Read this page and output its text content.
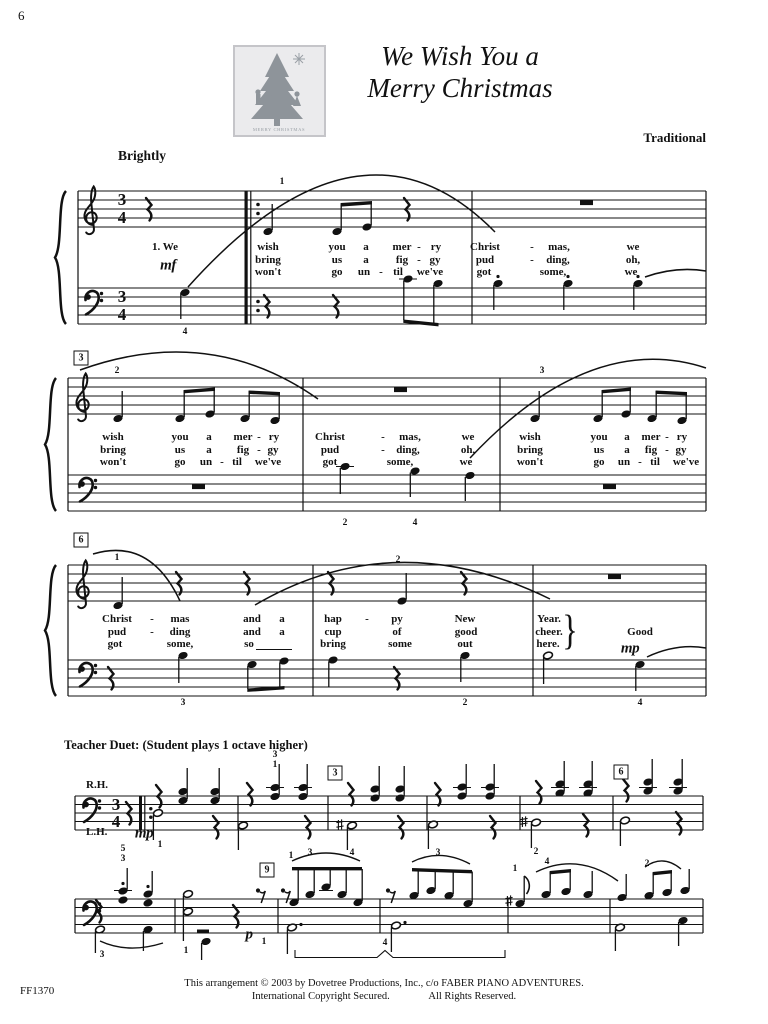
6
MERRY CHRISTMAS
We Wish You a
Merry Christmas
Traditional
Brightly
Teacher Duet: (Student plays 1 octave higher)
R.H.
L.H.
This arrangement © 2003 by Dovetree Productions, Inc., c/o FABER PIANO ADVENTURES.
International Copyright Secured.	All Rights Reserved.
FF1370
3
4
3
4
3
4
mf
mp
mp
p
3
6
3	6
9
1. We	wish	you a mer - ry	Christ	- mas,	we
bring	us a fig - gy	pud	- ding,	oh,
won't	go un - til we've	got	some,	we
1
4
wish	you a mer - ry	Christ	- mas,	we	wish	you a mer - ry
bring	us a fig - gy	pud	- ding,	oh,	bring	us a fig - gy
won't	go un - til we've	got	some,	we	won't	go un - til we've
2	3
2	4
Christ - mas	and a	hap - py	New	Year.
pud - ding	and a	cup	of	good	cheer.	Good
got	some,	so	bring	some	out	here. }
1	2
3	2	4
1
3
1
4	3	2
5
3
3	1
1
1 3
4
1
4	2
